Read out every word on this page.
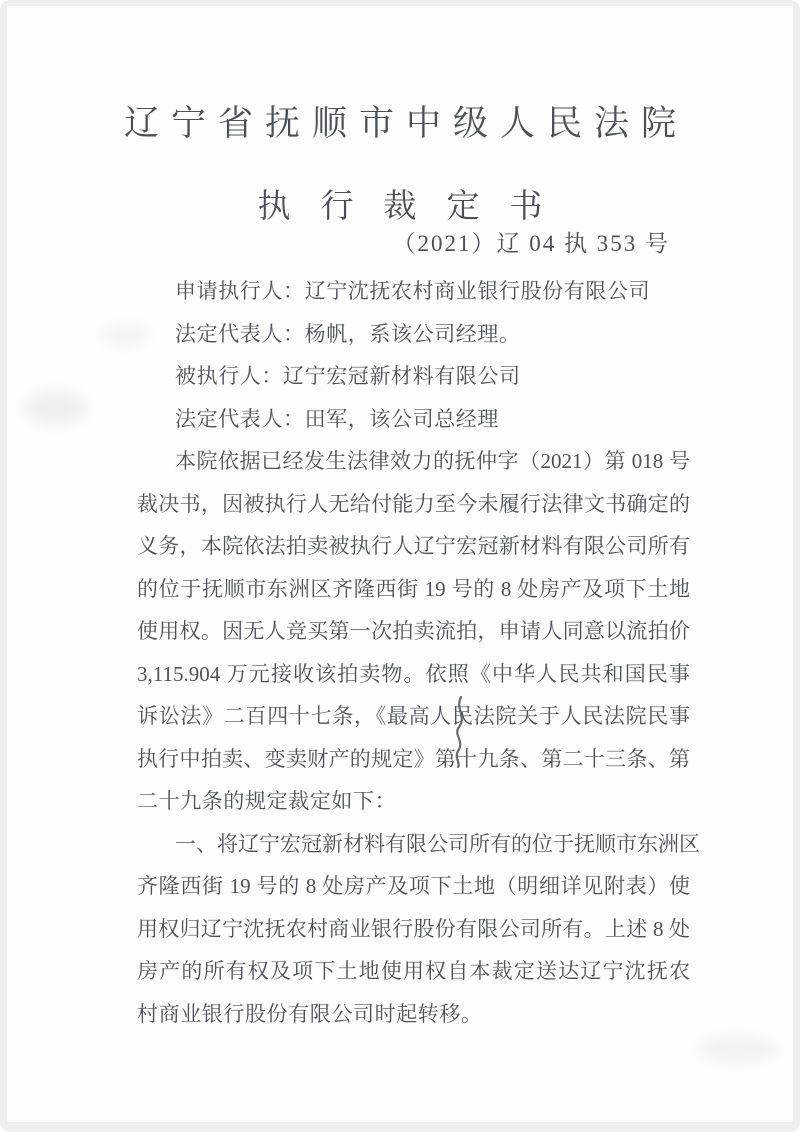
辽宁省抚顺市中级人民法院
执行裁定书
（2021）辽 04 执 353 号
申请执行人：辽宁沈抚农村商业银行股份有限公司
法定代表人：杨帆，系该公司经理。
被执行人：辽宁宏冠新材料有限公司
法定代表人：田军，该公司总经理
本院依据已经发生法律效力的抚仲字（2021）第 018 号
裁决书，因被执行人无给付能力至今未履行法律文书确定的
义务，本院依法拍卖被执行人辽宁宏冠新材料有限公司所有
的位于抚顺市东洲区齐隆西街 19 号的 8 处房产及项下土地
使用权。因无人竞买第一次拍卖流拍，申请人同意以流拍价
3,115.904 万元接收该拍卖物。依照《中华人民共和国民事
诉讼法》二百四十七条，《最高人民法院关于人民法院民事
执行中拍卖、变卖财产的规定》第十九条、第二十三条、第
二十九条的规定裁定如下：
一、将辽宁宏冠新材料有限公司所有的位于抚顺市东洲区
齐隆西街 19 号的 8 处房产及项下土地（明细详见附表）使
用权归辽宁沈抚农村商业银行股份有限公司所有。上述 8 处
房产的所有权及项下土地使用权自本裁定送达辽宁沈抚农
村商业银行股份有限公司时起转移。
